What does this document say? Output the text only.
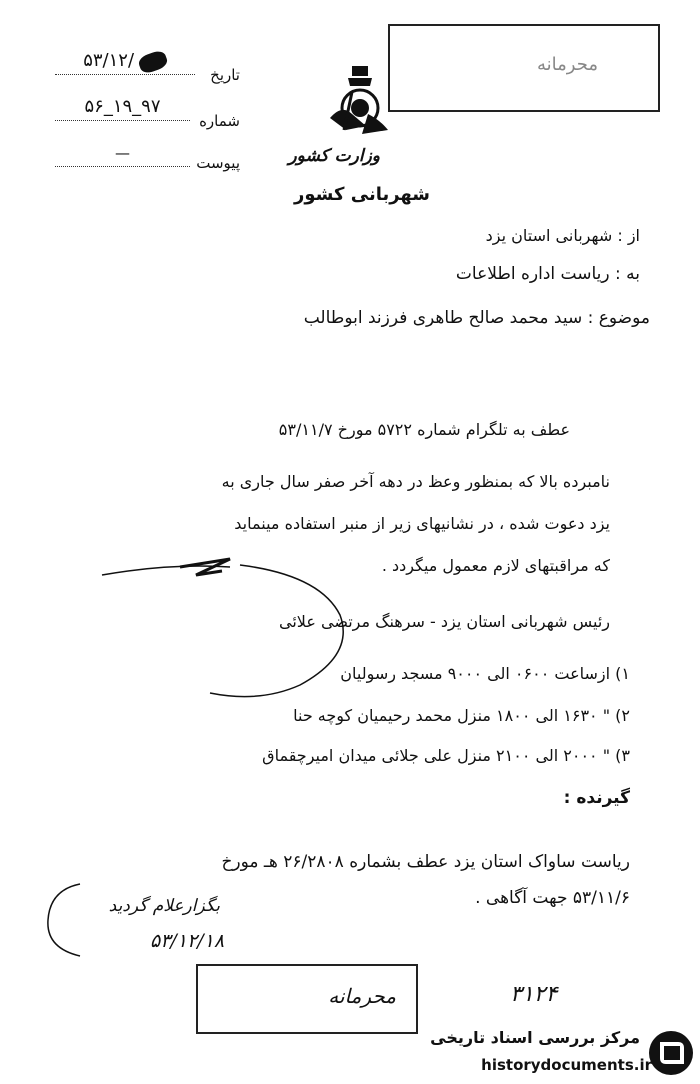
محرمانه
تاریخ
۵۳/۱۲/
شماره
۵۶_۱۹_۹۷
پیوست
—	وزارت کشور
شهربانی کشور
از : شهربانی استان یزد
به : ریاست اداره اطلاعات
موضوع : سید محمد صالح طاهری فرزند ابوطالب
عطف به تلگرام شماره ۵۷۲۲ مورخ ۵۳/۱۱/۷
نامبرده بالا که بمنظور وعظ در دهه آخر صفر سال جاری به
یزد دعوت شده ، در نشانیهای زیر از منبر استفاده مینماید
که مراقبتهای لازم معمول میگردد .
رئیس شهربانی استان یزد - سرهنگ مرتضی علائی
۱) ازساعت ۰۶۰۰ الی ۹۰۰۰ مسجد رسولیان
۲) " ۱۶۳۰ الی ۱۸۰۰ منزل محمد رحیمیان کوچه حنا
۳) " ۲۰۰۰ الی ۲۱۰۰ منزل علی جلائی میدان امیرچقماق
گیرنده :
ریاست ساواک استان یزد عطف بشماره ۲۶/۲۸۰۸ هـ مورخ
۵۳/۱۱/۶ جهت آگاهی .
بگزارعلام گردید
۵۳/۱۲/۱۸
محرمانه	۳۱۲۴
مرکز بررسی اسناد تاریخی
historydocuments.ir
